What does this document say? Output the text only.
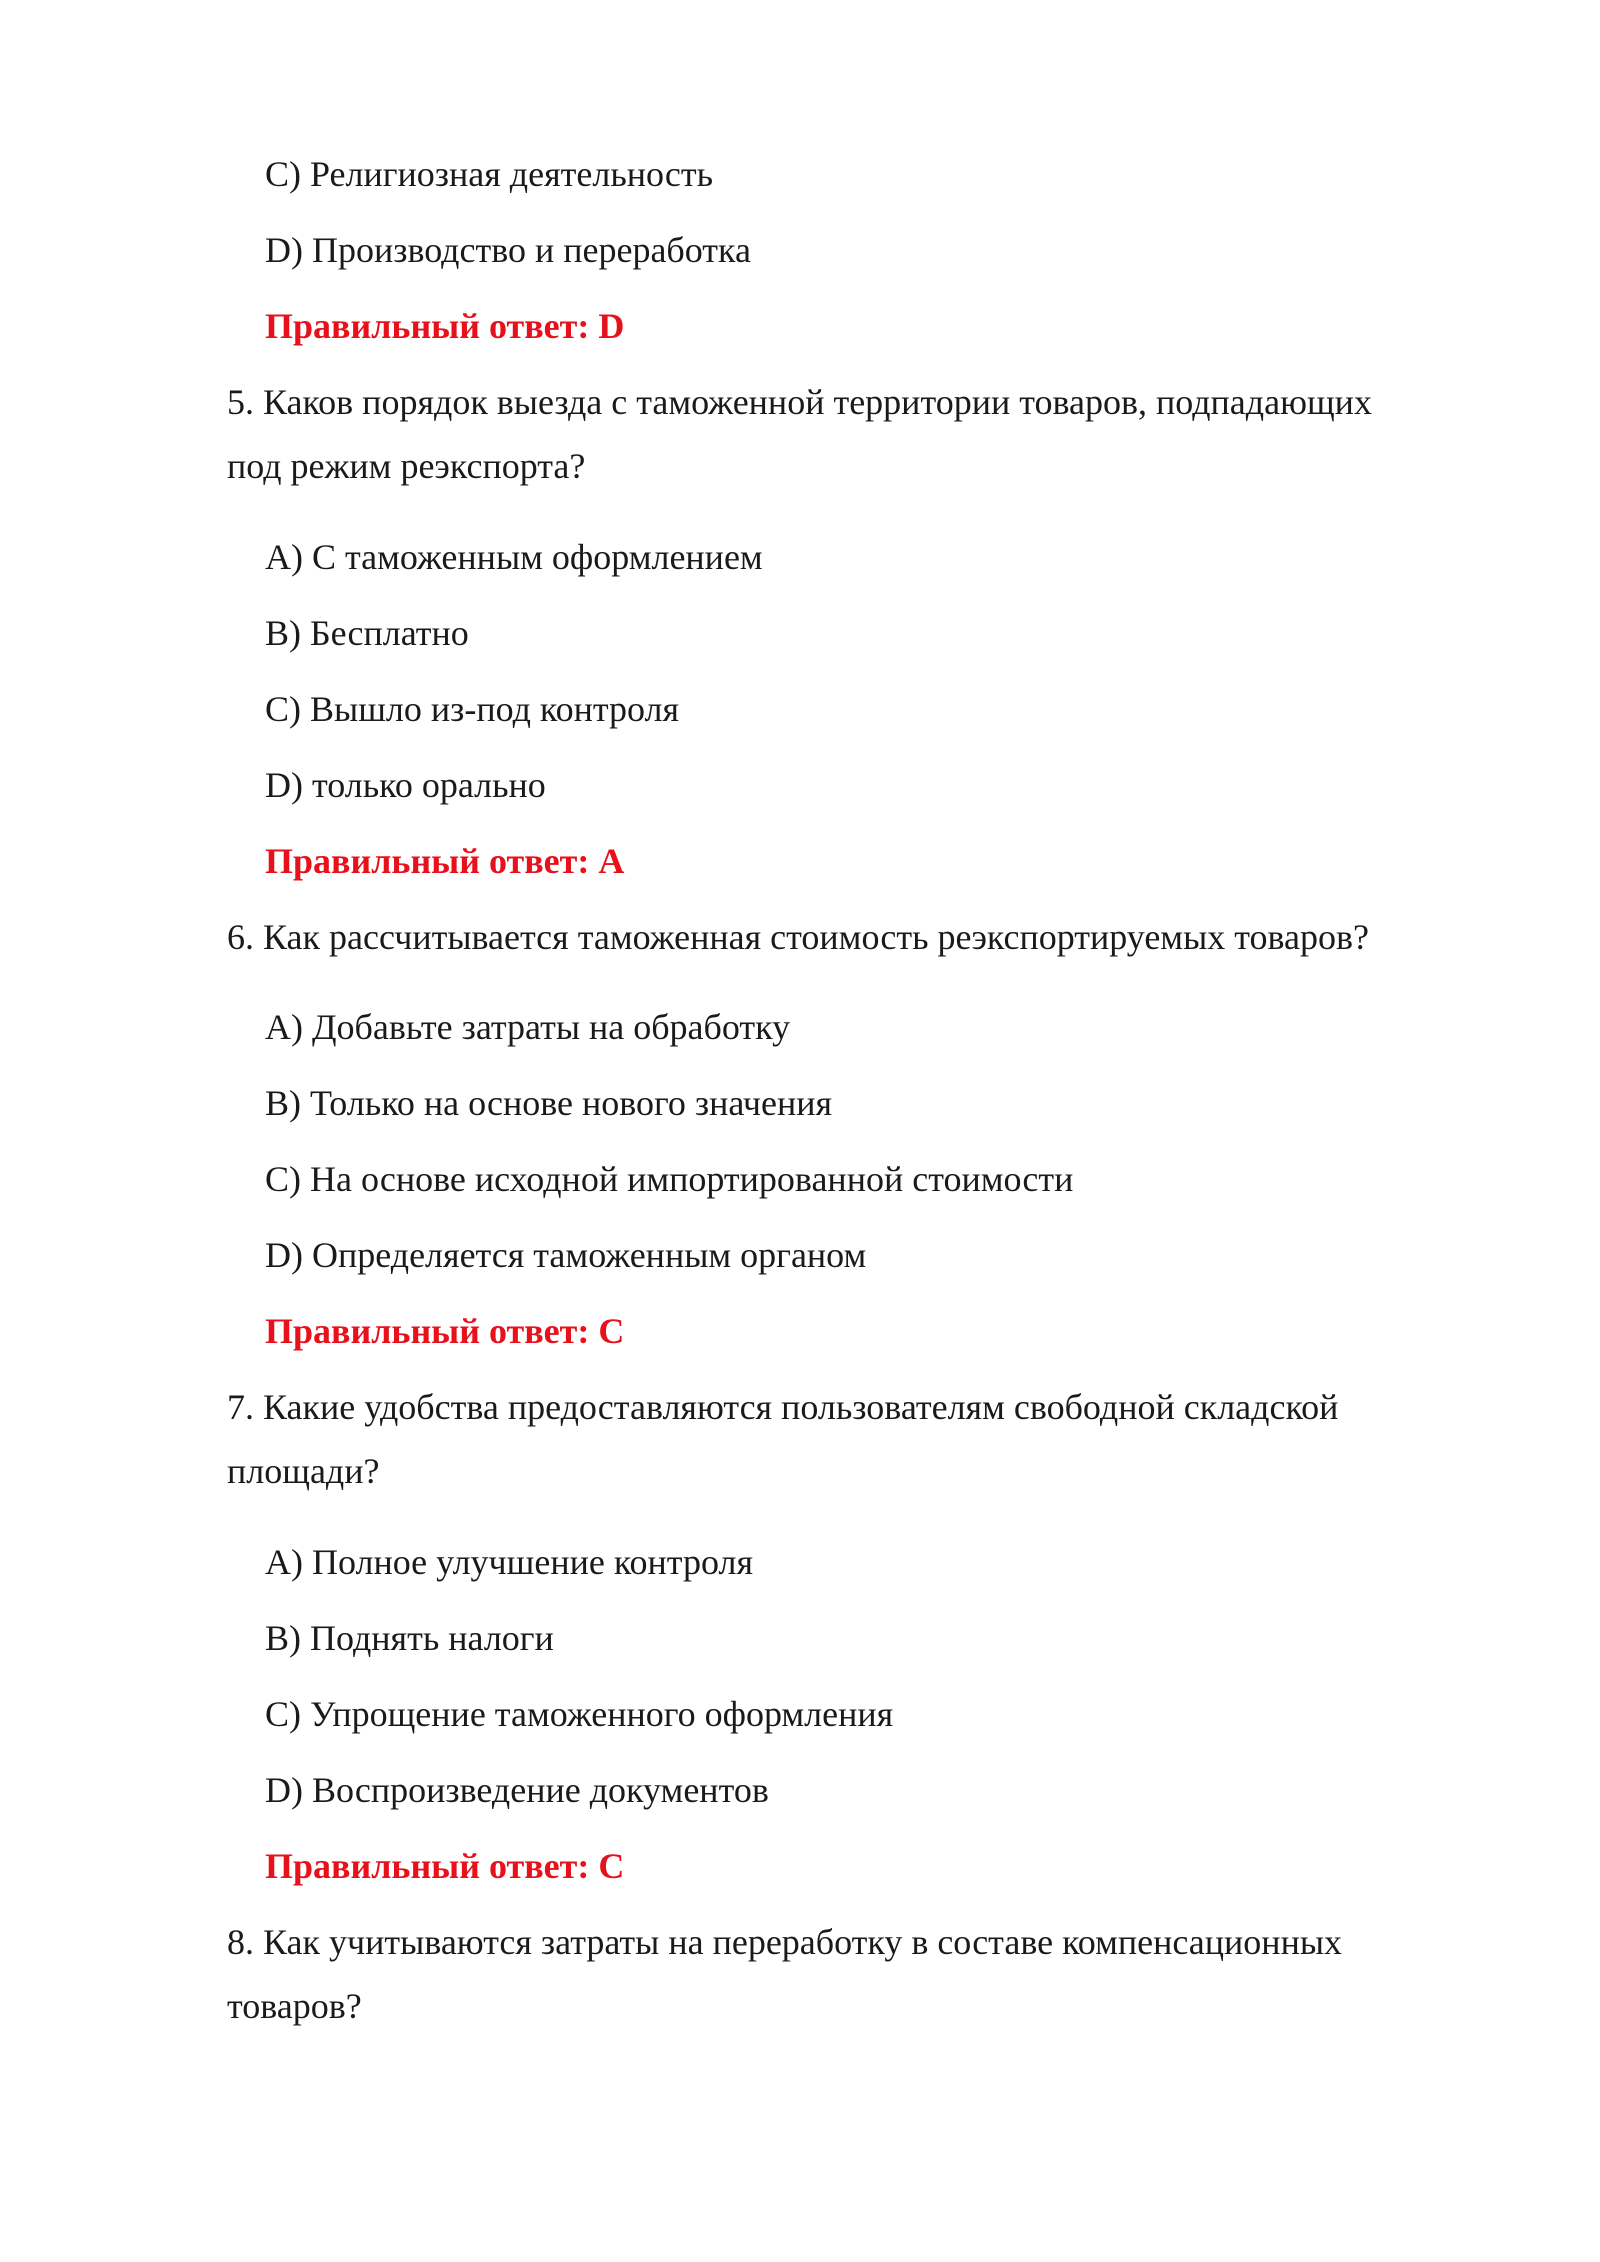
C) Религиозная деятельность
D) Производство и переработка
Правильный ответ: D
5. Каков порядок выезда с таможенной территории товаров, подпадающих
под режим реэкспорта?
A) С таможенным оформлением
B) Бесплатно
C) Вышло из-под контроля
D) только орально
Правильный ответ: A
6. Как рассчитывается таможенная стоимость реэкспортируемых товаров?
A) Добавьте затраты на обработку
B) Только на основе нового значения
C) На основе исходной импортированной стоимости
D) Определяется таможенным органом
Правильный ответ: C
7. Какие удобства предоставляются пользователям свободной складской
площади?
A) Полное улучшение контроля
B) Поднять налоги
C) Упрощение таможенного оформления
D) Воспроизведение документов
Правильный ответ: C
8. Как учитываются затраты на переработку в составе компенсационных
товаров?
